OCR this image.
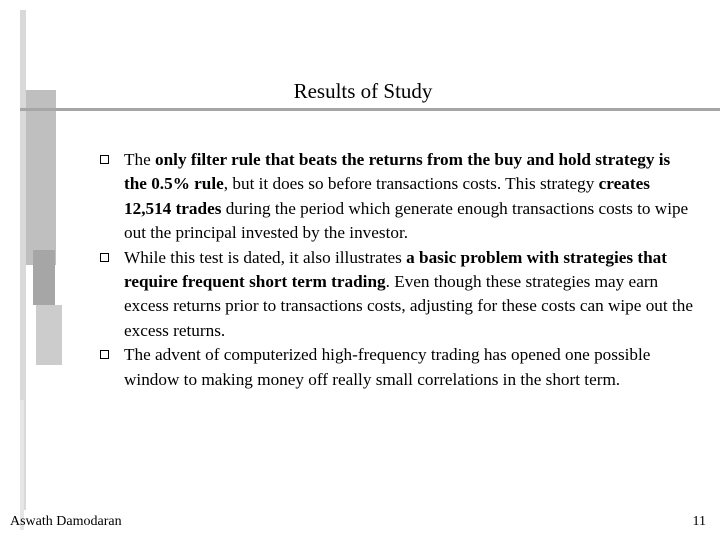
Results of Study
The only filter rule that beats the returns from the buy and hold strategy is the 0.5% rule, but it does so before transactions costs. This strategy creates 12,514 trades during the period which generate enough transactions costs to wipe out the principal invested by the investor.
While this test is dated, it also illustrates a basic problem with strategies that require frequent short term trading. Even though these strategies may earn excess returns prior to transactions costs, adjusting for these costs can wipe out the excess returns.
The advent of computerized high-frequency trading has opened one possible window to making money off really small correlations in the short term.
Aswath Damodaran	11
